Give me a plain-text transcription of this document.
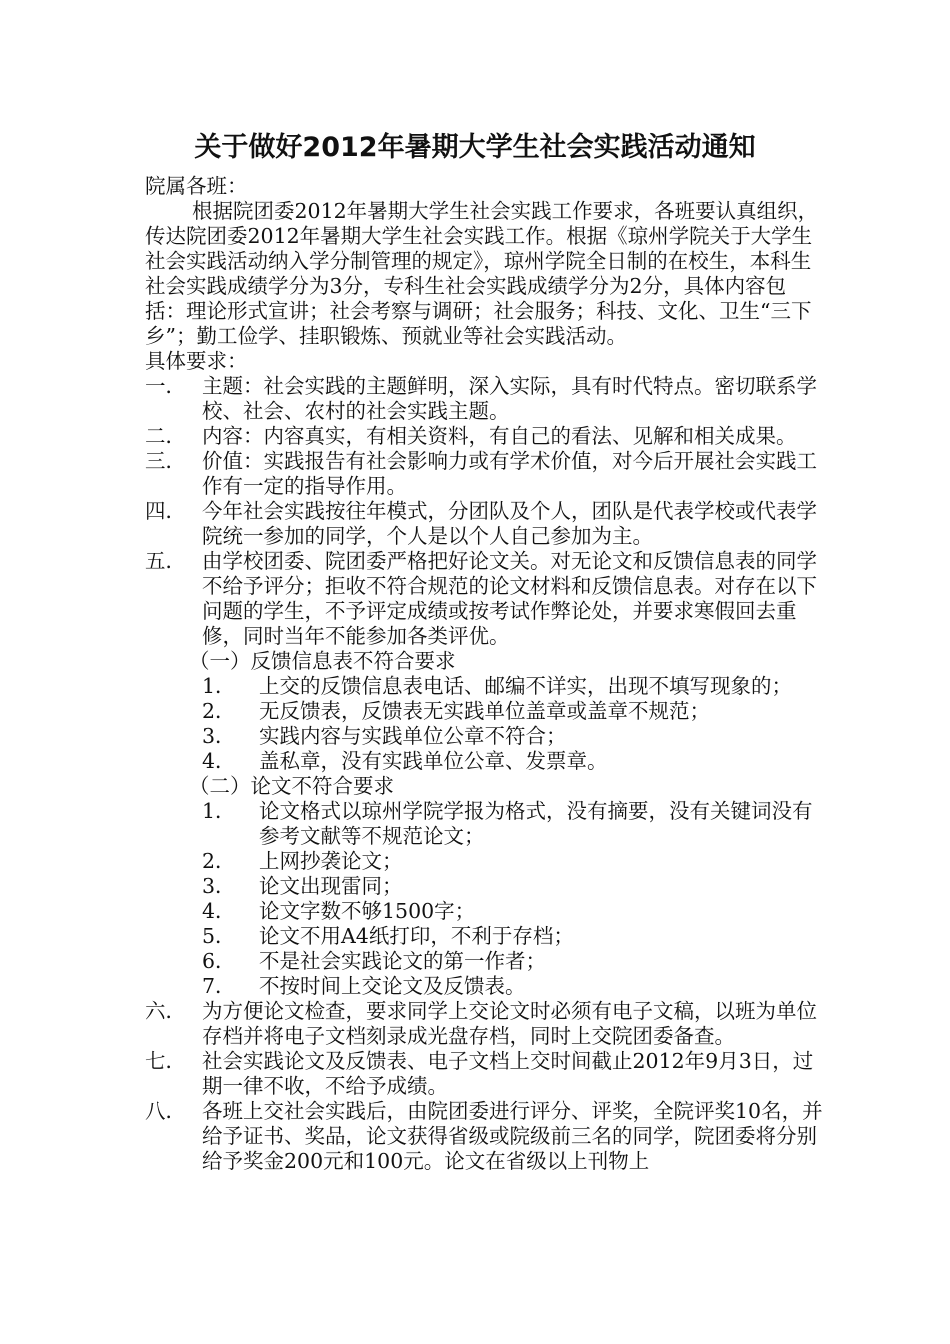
关于做好2012年暑期大学生社会实践活动通知

院属各班：

根据院团委2012年暑期大学生社会实践工作要求，各班要认真组织，传达院团委2012年暑期大学生社会实践工作。根据《琼州学院关于大学生社会实践活动纳入学分制管理的规定》，琼州学院全日制的在校生，本科生社会实践成绩学分为3分，专科生社会实践成绩学分为2分，具体内容包括：理论形式宣讲；社会考察与调研；社会服务；科技、文化、卫生“三下乡”；勤工俭学、挂职锻炼、预就业等社会实践活动。

具体要求：

一． 主题：社会实践的主题鲜明，深入实际，具有时代特点。密切联系学校、社会、农村的社会实践主题。
二． 内容：内容真实，有相关资料，有自己的看法、见解和相关成果。
三． 价值：实践报告有社会影响力或有学术价值，对今后开展社会实践工作有一定的指导作用。
四． 今年社会实践按往年模式，分团队及个人，团队是代表学校或代表学院统一参加的同学，个人是以个人自己参加为主。
五． 由学校团委、院团委严格把好论文关。对无论文和反馈信息表的同学不给予评分；拒收不符合规范的论文材料和反馈信息表。对存在以下问题的学生，不予评定成绩或按考试作弊论处，并要求寒假回去重修，同时当年不能参加各类评优。
（一）反馈信息表不符合要求
1．	上交的反馈信息表电话、邮编不详实，出现不填写现象的；
2．	无反馈表，反馈表无实践单位盖章或盖章不规范；
3．	实践内容与实践单位公章不符合；
4．	盖私章，没有实践单位公章、发票章。
（二）论文不符合要求
1．	论文格式以琼州学院学报为格式，没有摘要，没有关键词没有参考文献等不规范论文；
2．	上网抄袭论文；
3．	论文出现雷同；
4．	论文字数不够1500字；
5．	论文不用A4纸打印，不利于存档；
6．	不是社会实践论文的第一作者；
7．	不按时间上交论文及反馈表。
六． 为方便论文检查，要求同学上交论文时必须有电子文稿，以班为单位存档并将电子文档刻录成光盘存档，同时上交院团委备查。
七． 社会实践论文及反馈表、电子文档上交时间截止2012年9月3日，过期一律不收，不给予成绩。
八． 各班上交社会实践后，由院团委进行评分、评奖，全院评奖10名，并给予证书、奖品，论文获得省级或院级前三名的同学，院团委将分别给予奖金200元和100元。论文在省级以上刊物上
